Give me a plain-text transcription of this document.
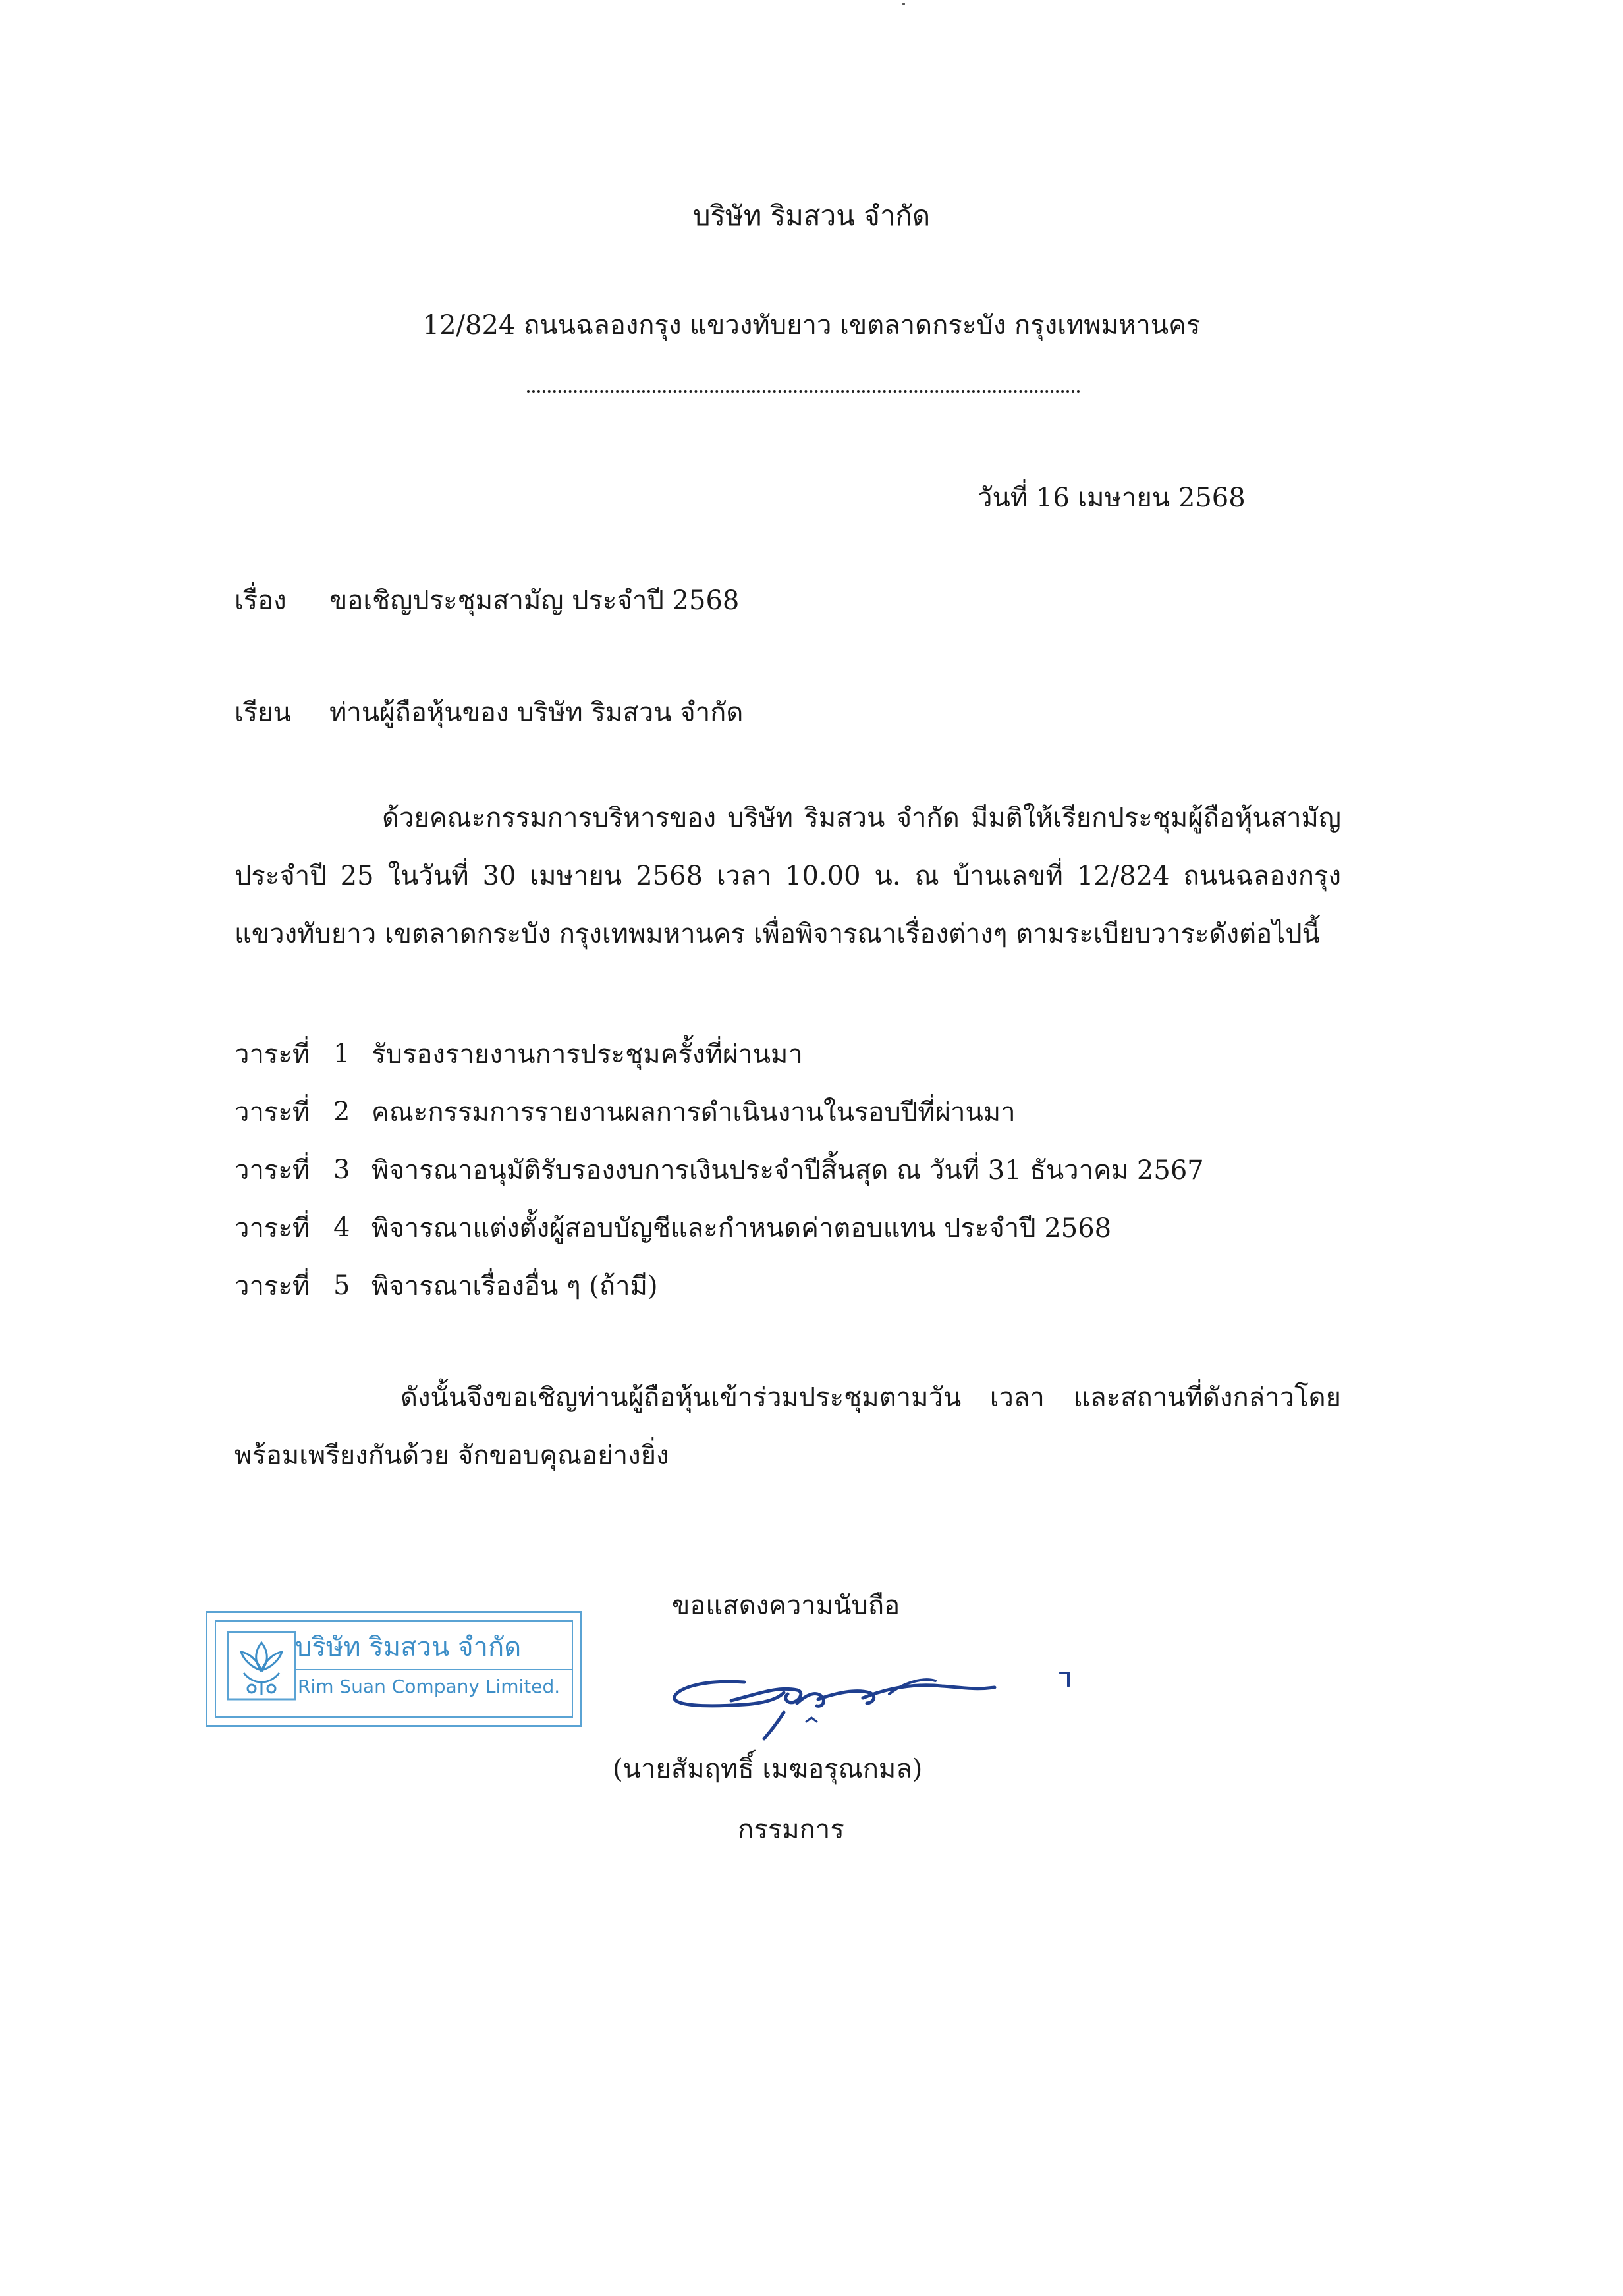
บริษัท ริมสวน จำกัด
12/824 ถนนฉลองกรุง แขวงทับยาว เขตลาดกระบัง กรุงเทพมหานคร
วันที่ 16 เมษายน 2568
เรื่อง ขอเชิญประชุมสามัญ ประจำปี 2568
เรียน ท่านผู้ถือหุ้นของ บริษัท ริมสวน จำกัด
ด้วยคณะกรรมการบริหารของ บริษัท ริมสวน จำกัด มีมติให้เรียกประชุมผู้ถือหุ้นสามัญประจำปี 25 ในวันที่ 30 เมษายน 2568 เวลา 10.00 น. ณ บ้านเลขที่ 12/824 ถนนฉลองกรุง แขวงทับยาว เขตลาดกระบัง กรุงเทพมหานคร เพื่อพิจารณาเรื่องต่างๆ ตามระเบียบวาระดังต่อไปนี้
วาระที่ 1 รับรองรายงานการประชุมครั้งที่ผ่านมา
วาระที่ 2 คณะกรรมการรายงานผลการดำเนินงานในรอบปีที่ผ่านมา
วาระที่ 3 พิจารณาอนุมัติรับรองงบการเงินประจำปีสิ้นสุด ณ วันที่ 31 ธันวาคม 2567
วาระที่ 4 พิจารณาแต่งตั้งผู้สอบบัญชีและกำหนดค่าตอบแทน ประจำปี 2568
วาระที่ 5 พิจารณาเรื่องอื่น ๆ (ถ้ามี)
ดังนั้นจึงขอเชิญท่านผู้ถือหุ้นเข้าร่วมประชุมตามวัน เวลา และสถานที่ดังกล่าวโดยพร้อมเพรียงกันด้วย จักขอบคุณอย่างยิ่ง
ขอแสดงความนับถือ
บริษัท ริมสวน จำกัด
Rim Suan Company Limited.
(นายสัมฤทธิ์ เมฆอรุณกมล)
กรรมการ
